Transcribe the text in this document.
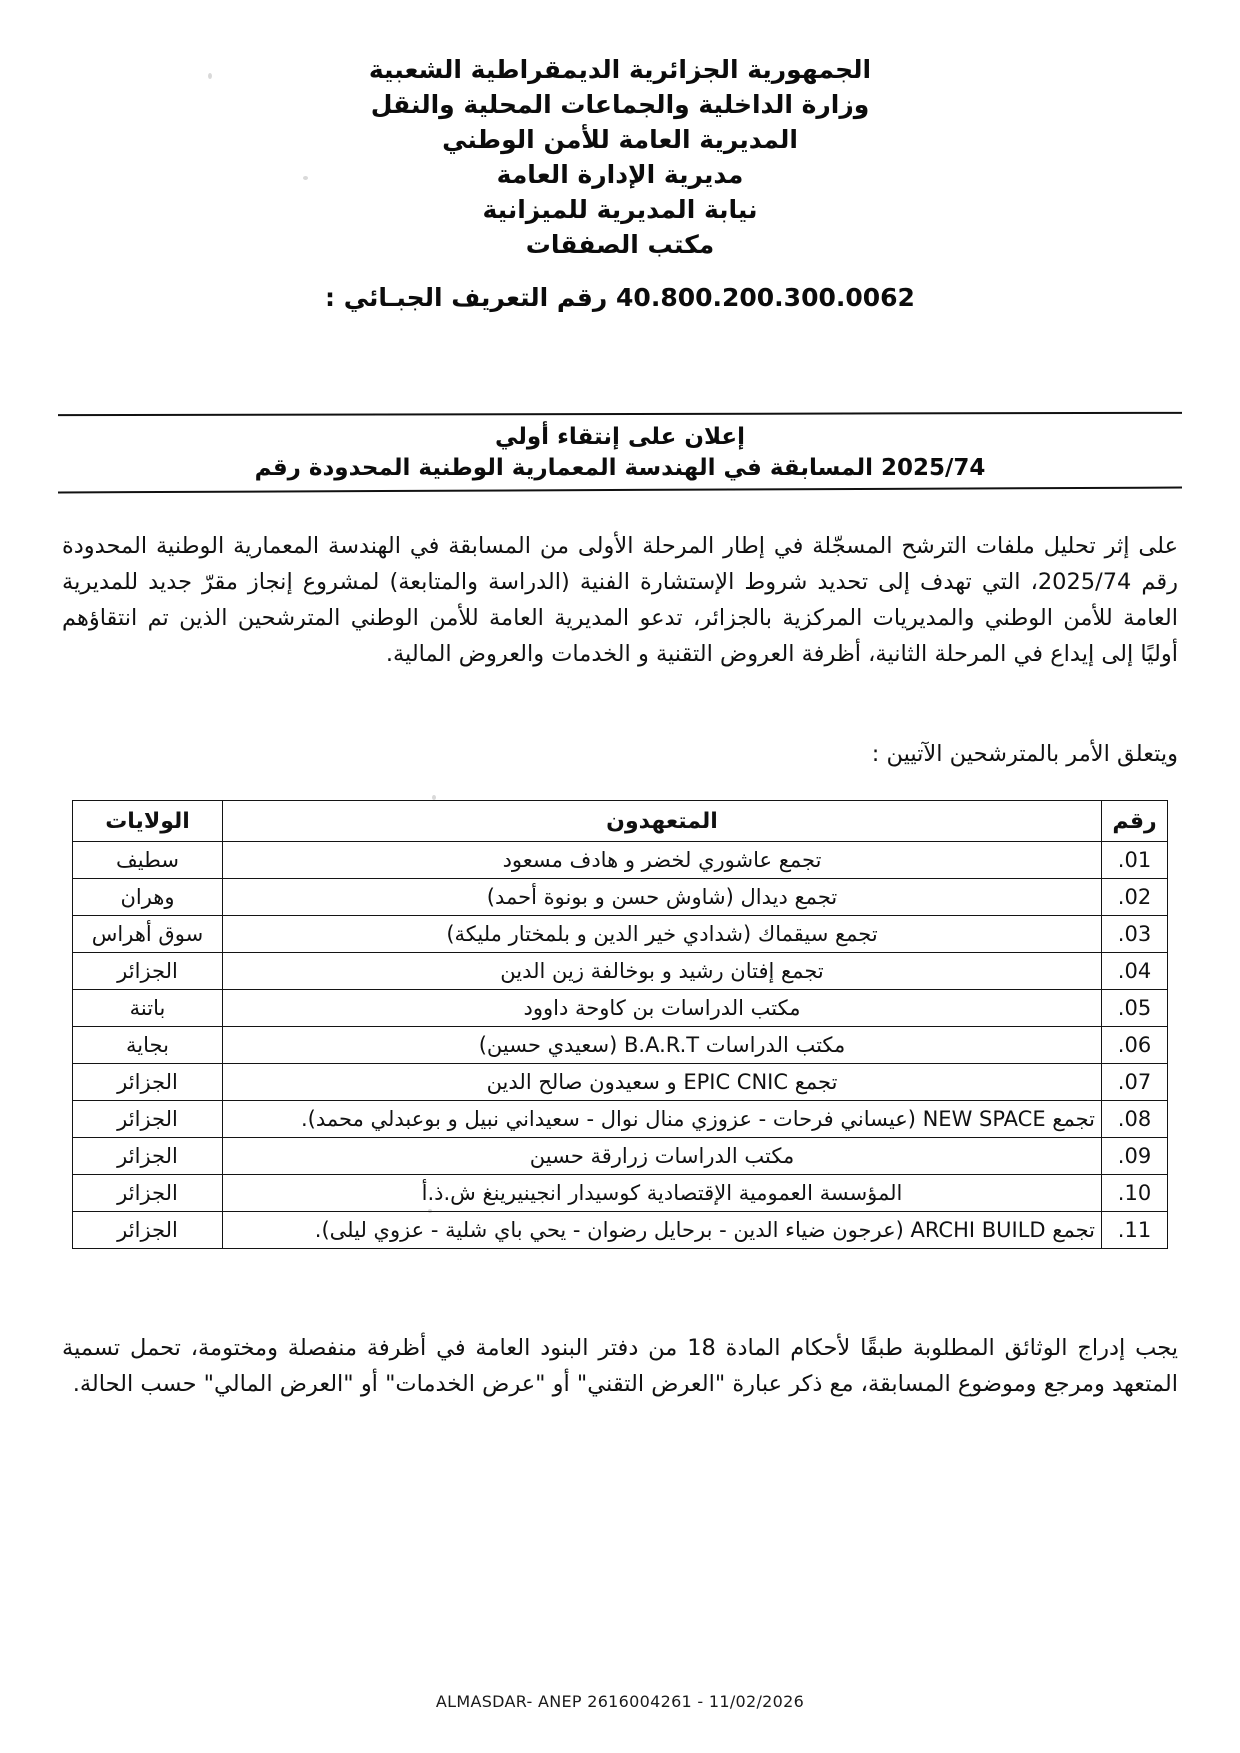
الجمهورية الجزائرية الديمقراطية الشعبية
وزارة الداخلية والجماعات المحلية والنقل
المديرية العامة للأمن الوطني
مديرية الإدارة العامة
نيابة المديرية للميزانية
مكتب الصفقات
40.800.200.300.0062 رقم التعريف الجبـائي :
إعلان على إنتقاء أولي
2025/74 المسابقة في الهندسة المعمارية الوطنية المحدودة رقم
على إثر تحليل ملفات الترشح المسجّلة في إطار المرحلة الأولى من المسابقة في الهندسة المعمارية الوطنية المحدودة رقم 2025/74، التي تهدف إلى تحديد شروط الإستشارة الفنية (الدراسة والمتابعة) لمشروع إنجاز مقرّ جديد للمديرية العامة للأمن الوطني والمديريات المركزية بالجزائر، تدعو المديرية العامة للأمن الوطني المترشحين الذين تم انتقاؤهم أوليًا إلى إيداع في المرحلة الثانية، أظرفة العروض التقنية و الخدمات والعروض المالية.
ويتعلق الأمر بالمترشحين الآتيين :
رقم	المتعهدون	الولايات
.01	تجمع عاشوري لخضر و هادف مسعود	سطيف
.02	تجمع ديدال (شاوش حسن و بونوة أحمد)	وهران
.03	تجمع سيقماك (شدادي خير الدين و بلمختار مليكة)	سوق أهراس
.04	تجمع إفتان رشيد و بوخالفة زين الدين	الجزائر
.05	مكتب الدراسات بن كاوحة داوود	باتنة
.06	مكتب الدراسات B.A.R.T (سعيدي حسين)	بجاية
.07	تجمع EPIC CNIC و سعيدون صالح الدين	الجزائر
.08	تجمع NEW SPACE (عيساني فرحات - عزوزي منال نوال - سعيداني نبيل و بوعبدلي محمد).	الجزائر
.09	مكتب الدراسات زرارقة حسين	الجزائر
.10	المؤسسة العمومية الإقتصادية كوسيدار انجينيرينغ ش.ذ.أ	الجزائر
.11	تجمع ARCHI BUILD (عرجون ضياء الدين - برحايل رضوان - يحي باي شلية - عزوي ليلى).	الجزائر
يجب إدراج الوثائق المطلوبة طبقًا لأحكام المادة 18 من دفتر البنود العامة في أظرفة منفصلة ومختومة، تحمل تسمية المتعهد ومرجع وموضوع المسابقة، مع ذكر عبارة "العرض التقني" أو "عرض الخدمات" أو "العرض المالي" حسب الحالة.
ALMASDAR- ANEP 2616004261 - 11/02/2026
